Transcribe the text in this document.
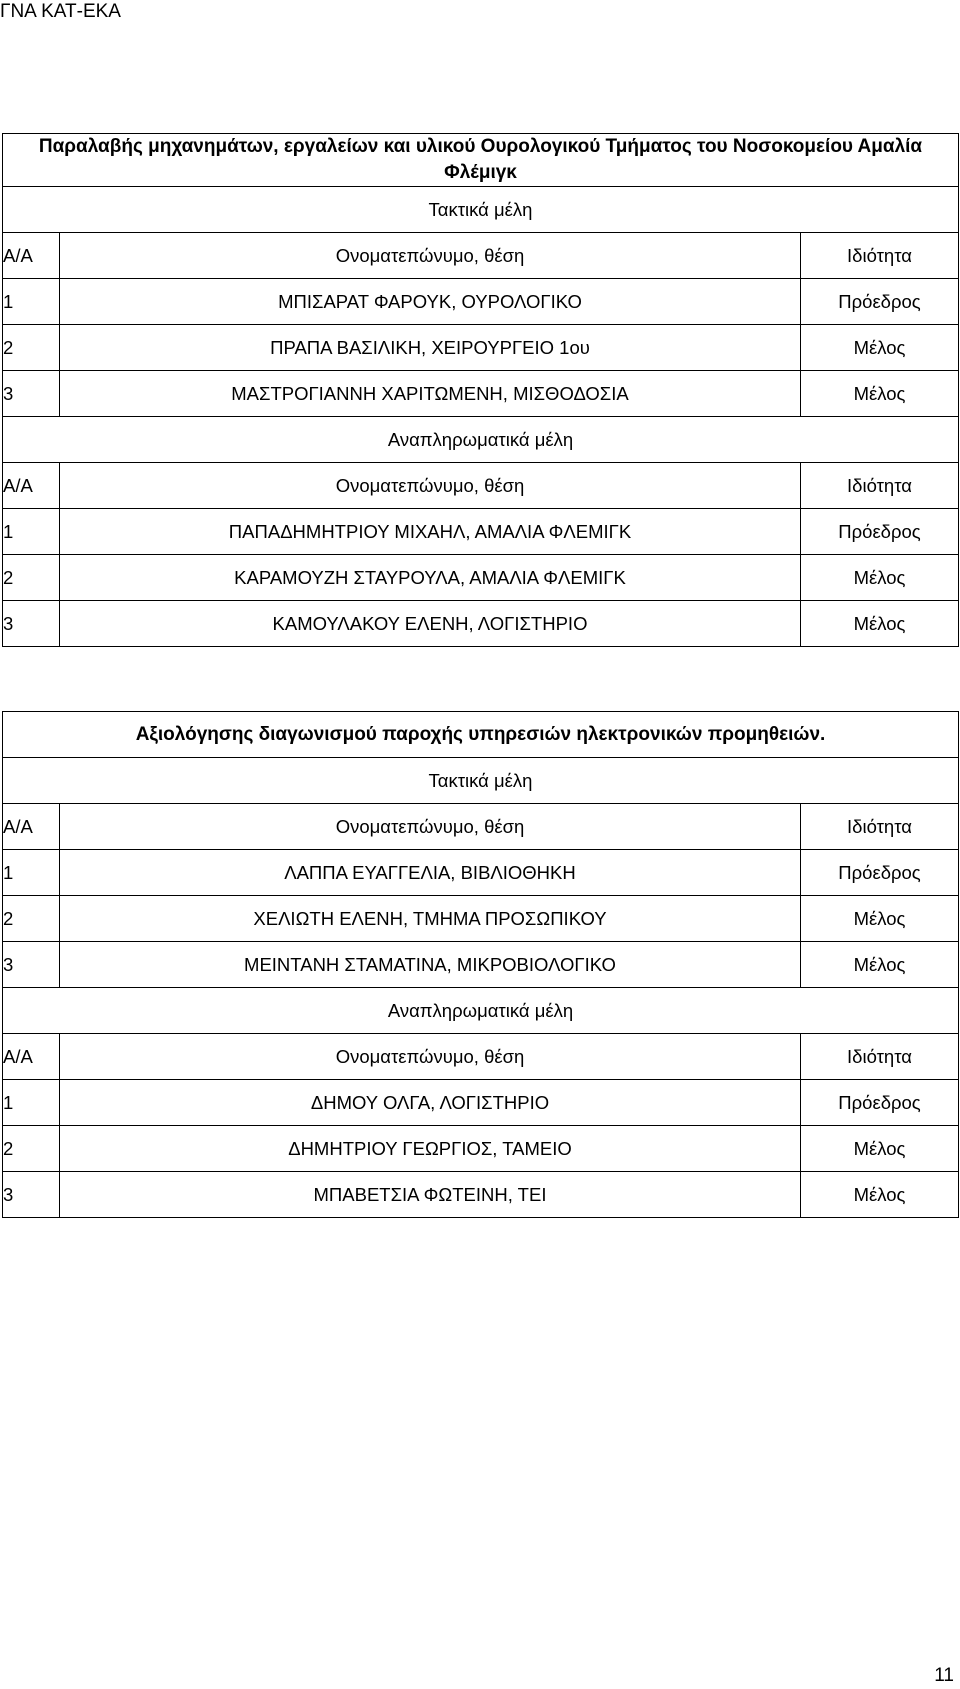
ΓΝΑ ΚΑΤ-ΕΚΑ
Παραλαβής μηχανημάτων, εργαλείων και υλικού Ουρολογικού Τμήματος του Νοσοκομείου Αμαλία Φλέμιγκ		
Τακτικά μέλη		
Α/Α	Ονοματεπώνυμο, θέση	Ιδιότητα
1	ΜΠΙΣΑΡΑΤ ΦΑΡΟΥΚ, ΟΥΡΟΛΟΓΙΚΟ	Πρόεδρος
2	ΠΡΑΠΑ ΒΑΣΙΛΙΚΗ, ΧΕΙΡΟΥΡΓΕΙΟ 1ου	Μέλος
3	ΜΑΣΤΡΟΓΙΑΝΝΗ ΧΑΡΙΤΩΜΕΝΗ, ΜΙΣΘΟΔΟΣΙΑ	Μέλος
Αναπληρωματικά μέλη		
Α/Α	Ονοματεπώνυμο, θέση	Ιδιότητα
1	ΠΑΠΑΔΗΜΗΤΡΙΟΥ ΜΙΧΑΗΛ, ΑΜΑΛΙΑ ΦΛΕΜΙΓΚ	Πρόεδρος
2	ΚΑΡΑΜΟΥΖΗ ΣΤΑΥΡΟΥΛΑ, ΑΜΑΛΙΑ ΦΛΕΜΙΓΚ	Μέλος
3	ΚΑΜΟΥΛΑΚΟΥ ΕΛΕΝΗ, ΛΟΓΙΣΤΗΡΙΟ	Μέλος
Αξιολόγησης διαγωνισμού παροχής υπηρεσιών ηλεκτρονικών προμηθειών.		
Τακτικά μέλη		
Α/Α	Ονοματεπώνυμο, θέση	Ιδιότητα
1	ΛΑΠΠΑ ΕΥΑΓΓΕΛΙΑ, ΒΙΒΛΙΟΘΗΚΗ	Πρόεδρος
2	ΧΕΛΙΩΤΗ ΕΛΕΝΗ, ΤΜΗΜΑ ΠΡΟΣΩΠΙΚΟΥ	Μέλος
3	ΜΕΙΝΤΑΝΗ ΣΤΑΜΑΤΙΝΑ, ΜΙΚΡΟΒΙΟΛΟΓΙΚΟ	Μέλος
Αναπληρωματικά μέλη		
Α/Α	Ονοματεπώνυμο, θέση	Ιδιότητα
1	ΔΗΜΟΥ ΟΛΓΑ, ΛΟΓΙΣΤΗΡΙΟ	Πρόεδρος
2	ΔΗΜΗΤΡΙΟΥ ΓΕΩΡΓΙΟΣ, ΤΑΜΕΙΟ	Μέλος
3	ΜΠΑΒΕΤΣΙΑ ΦΩΤΕΙΝΗ, ΤΕΙ	Μέλος
11
